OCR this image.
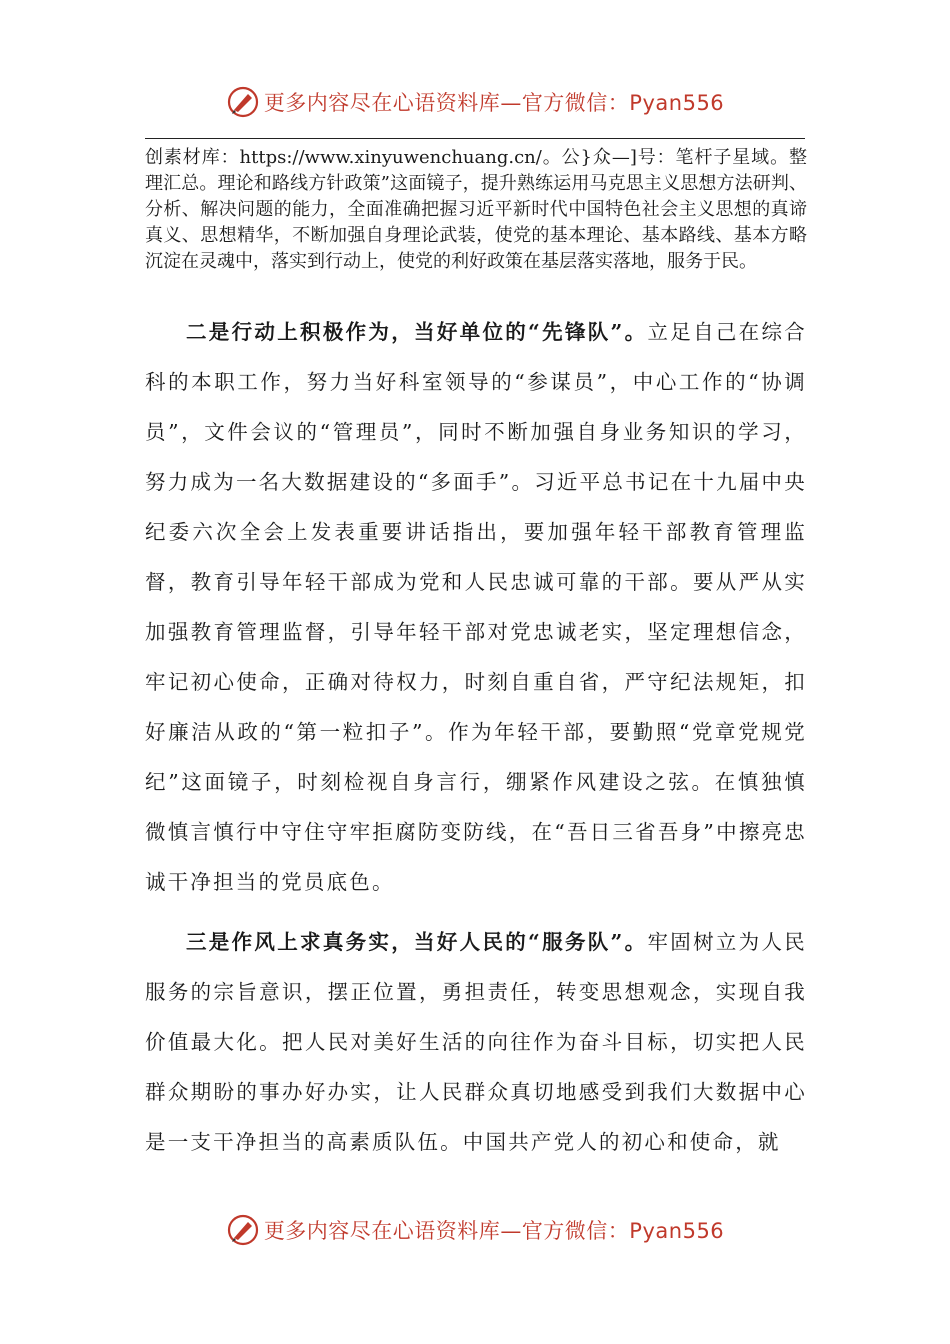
更多内容尽在心语资料库—官方微信：Pyan556

创素材库：https://www.xinyuwenchuang.cn/。公}众—]号：笔杆子星域。整理汇总。理论和路线方针政策”这面镜子，提升熟练运用马克思主义思想方法研判、分析、解决问题的能力，全面准确把握习近平新时代中国特色社会主义思想的真谛真义、思想精华，不断加强自身理论武装，使党的基本理论、基本路线、基本方略沉淀在灵魂中，落实到行动上，使党的利好政策在基层落实落地，服务于民。

二是行动上积极作为，当好单位的“先锋队”。立足自己在综合科的本职工作，努力当好科室领导的“参谋员”，中心工作的“协调员”，文件会议的“管理员”，同时不断加强自身业务知识的学习，努力成为一名大数据建设的“多面手”。习近平总书记在十九届中央纪委六次全会上发表重要讲话指出，要加强年轻干部教育管理监督，教育引导年轻干部成为党和人民忠诚可靠的干部。要从严从实加强教育管理监督，引导年轻干部对党忠诚老实，坚定理想信念，牢记初心使命，正确对待权力，时刻自重自省，严守纪法规矩，扣好廉洁从政的“第一粒扣子”。作为年轻干部，要勤照“党章党规党纪”这面镜子，时刻检视自身言行，绷紧作风建设之弦。在慎独慎微慎言慎行中守住守牢拒腐防变防线，在“吾日三省吾身”中擦亮忠诚干净担当的党员底色。

三是作风上求真务实，当好人民的“服务队”。牢固树立为人民服务的宗旨意识，摆正位置，勇担责任，转变思想观念，实现自我价值最大化。把人民对美好生活的向往作为奋斗目标，切实把人民群众期盼的事办好办实，让人民群众真切地感受到我们大数据中心是一支干净担当的高素质队伍。中国共产党人的初心和使命，就

更多内容尽在心语资料库—官方微信：Pyan556
